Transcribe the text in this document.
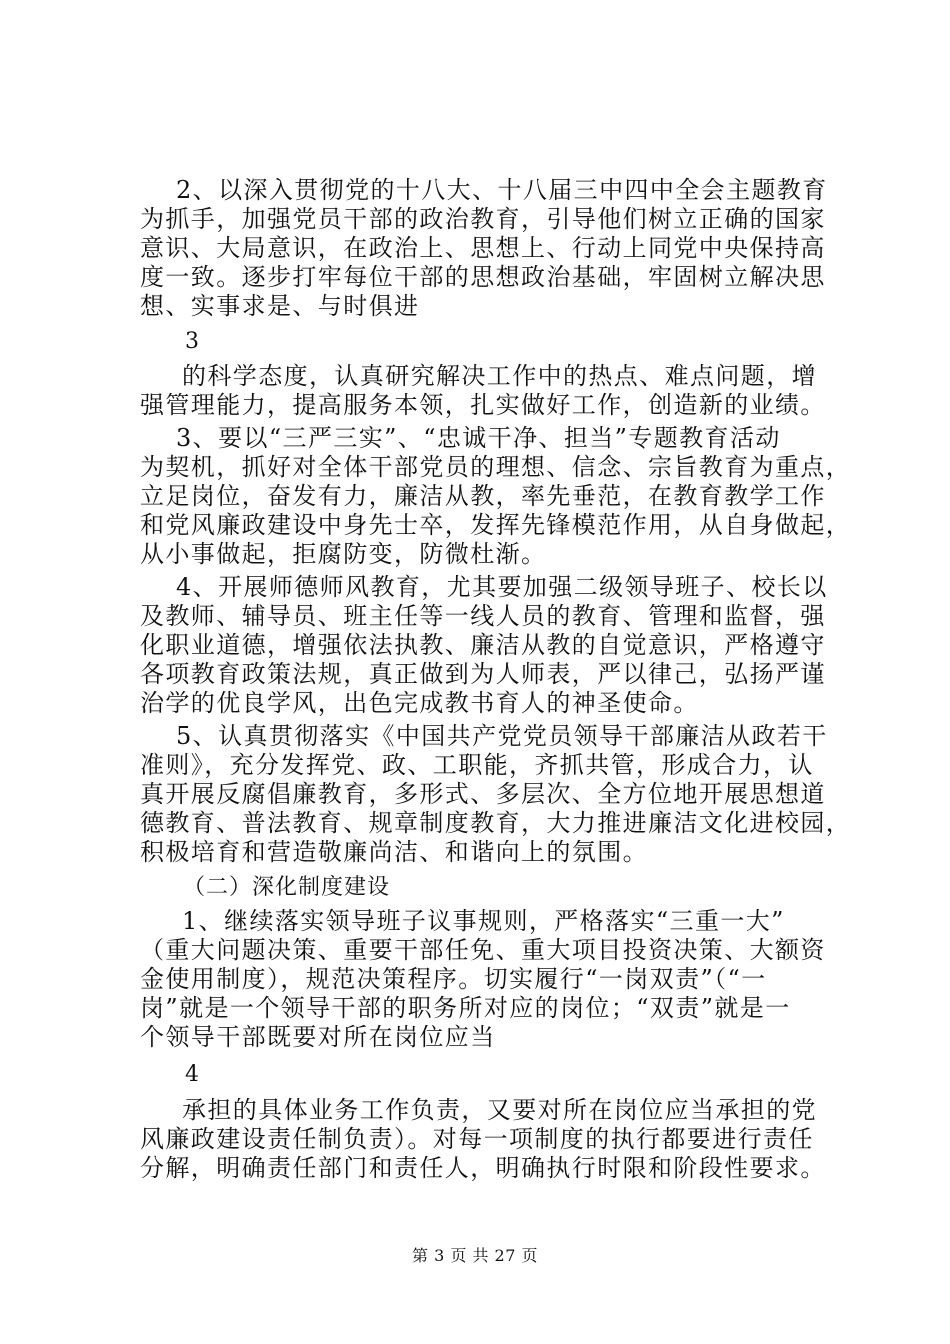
2、以深入贯彻党的十八大、十八届三中四中全会主题教育
为抓手，加强党员干部的政治教育，引导他们树立正确的国家
意识、大局意识，在政治上、思想上、行动上同党中央保持高
度一致。逐步打牢每位干部的思想政治基础，牢固树立解决思
想、实事求是、与时俱进
3
的科学态度，认真研究解决工作中的热点、难点问题，增
强管理能力，提高服务本领，扎实做好工作，创造新的业绩。
3、要以“三严三实”、“忠诚干净、担当”专题教育活动
为契机，抓好对全体干部党员的理想、信念、宗旨教育为重点，
立足岗位，奋发有力，廉洁从教，率先垂范，在教育教学工作
和党风廉政建设中身先士卒，发挥先锋模范作用，从自身做起，
从小事做起，拒腐防变，防微杜渐。
4、开展师德师风教育，尤其要加强二级领导班子、校长以
及教师、辅导员、班主任等一线人员的教育、管理和监督，强
化职业道德，增强依法执教、廉洁从教的自觉意识，严格遵守
各项教育政策法规，真正做到为人师表，严以律己，弘扬严谨
治学的优良学风，出色完成教书育人的神圣使命。
5、认真贯彻落实《中国共产党党员领导干部廉洁从政若干
准则》，充分发挥党、政、工职能，齐抓共管，形成合力，认
真开展反腐倡廉教育，多形式、多层次、全方位地开展思想道
德教育、普法教育、规章制度教育，大力推进廉洁文化进校园，
积极培育和营造敬廉尚洁、和谐向上的氛围。
（二）深化制度建设
1、继续落实领导班子议事规则，严格落实“三重一大”
（重大问题决策、重要干部任免、重大项目投资决策、大额资
金使用制度），规范决策程序。切实履行“一岗双责”（“一
岗”就是一个领导干部的职务所对应的岗位；“双责”就是一
个领导干部既要对所在岗位应当
4
承担的具体业务工作负责，又要对所在岗位应当承担的党
风廉政建设责任制负责）。对每一项制度的执行都要进行责任
分解，明确责任部门和责任人，明确执行时限和阶段性要求。
第 3 页 共 27 页
